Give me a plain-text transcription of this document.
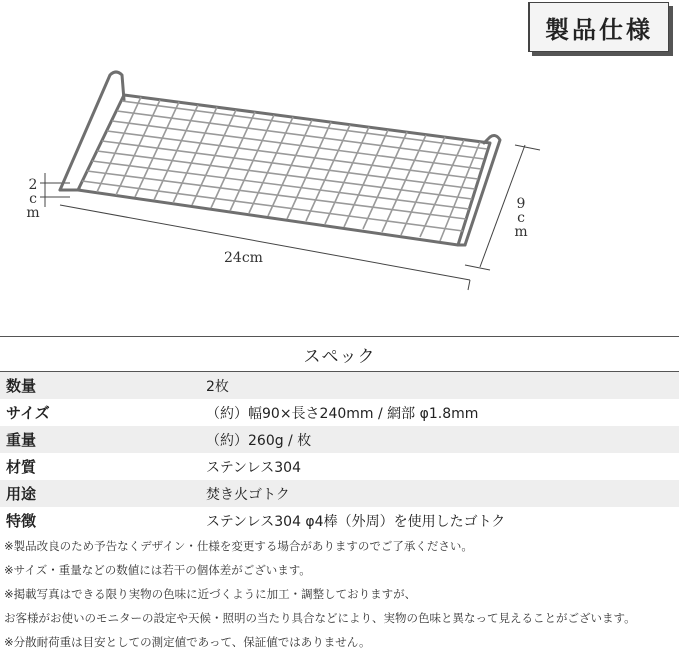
製品仕様
2cm
24cm
9cm
スペック
数量	2枚
サイズ	（約）幅90×長さ240mm / 網部 φ1.8mm
重量	（約）260g / 枚
材質	ステンレス304
用途	焚き火ゴトク
特徴	ステンレス304 φ4棒（外周）を使用したゴトク
※製品改良のため予告なくデザイン・仕様を変更する場合がありますのでご了承ください。
※サイズ・重量などの数値には若干の個体差がございます。
※掲載写真はできる限り実物の色味に近づくように加工・調整しておりますが、
お客様がお使いのモニターの設定や天候・照明の当たり具合などにより、実物の色味と異なって見えることがございます。
※分散耐荷重は目安としての測定値であって、保証値ではありません。
